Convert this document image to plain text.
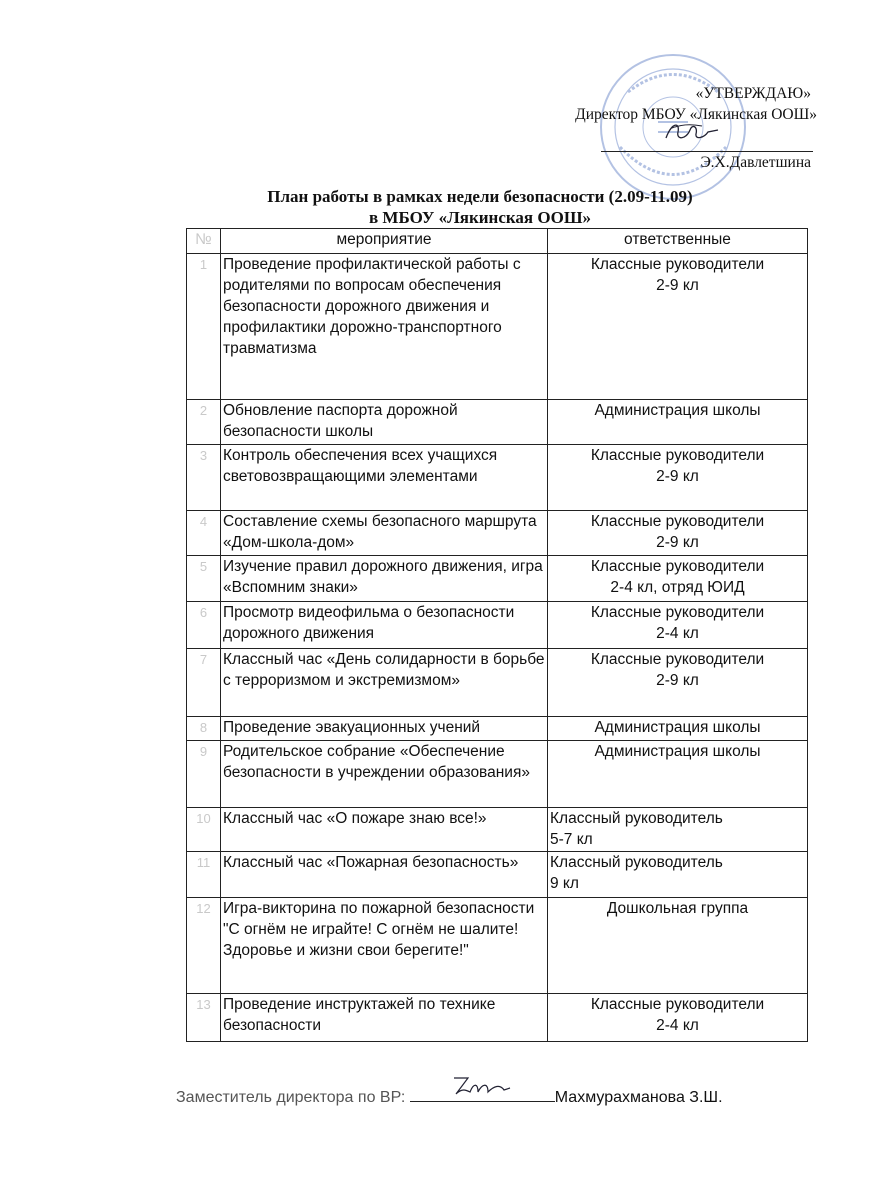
«УТВЕРЖДАЮ»
Директор МБОУ «Лякинская ООШ»
Э.Х.Давлетшина
План работы в рамках недели безопасности (2.09-11.09)
в МБОУ «Лякинская ООШ»
№	мероприятие	ответственные
1	Проведение профилактической работы с родителями по вопросам обеспечения безопасности дорожного движения и профилактики дорожно-транспортного травматизма	Классные руководители
2-9 кл

2	Обновление паспорта дорожной безопасности школы	Администрация школы

3	Контроль обеспечения всех учащихся световозвращающими элементами	Классные руководители
2-9 кл

4	Составление схемы безопасного маршрута «Дом-школа-дом»	Классные руководители
2-9 кл

5	Изучение правил дорожного движения, игра «Вспомним знаки»	Классные руководители
2-4 кл, отряд ЮИД

6	Просмотр видеофильма о безопасности дорожного движения	Классные руководители
2-4 кл

7	Классный час «День солидарности в борьбе с терроризмом и экстремизмом»	Классные руководители
2-9 кл

8	Проведение эвакуационных учений	Администрация школы

9	Родительское собрание «Обеспечение безопасности в учреждении образования»	Администрация школы

10	Классный час «О пожаре знаю все!»	Классный руководитель
5-7 кл

11	Классный час «Пожарная безопасность»	Классный руководитель
9 кл

12	Игра-викторина по пожарной безопасности "С огнём не играйте! С огнём не шалите! Здоровье и жизни свои берегите!"	Дошкольная группа

13	Проведение инструктажей по технике безопасности	Классные руководители
2-4 кл
Заместитель директора по ВР:	Махмурахманова З.Ш.
